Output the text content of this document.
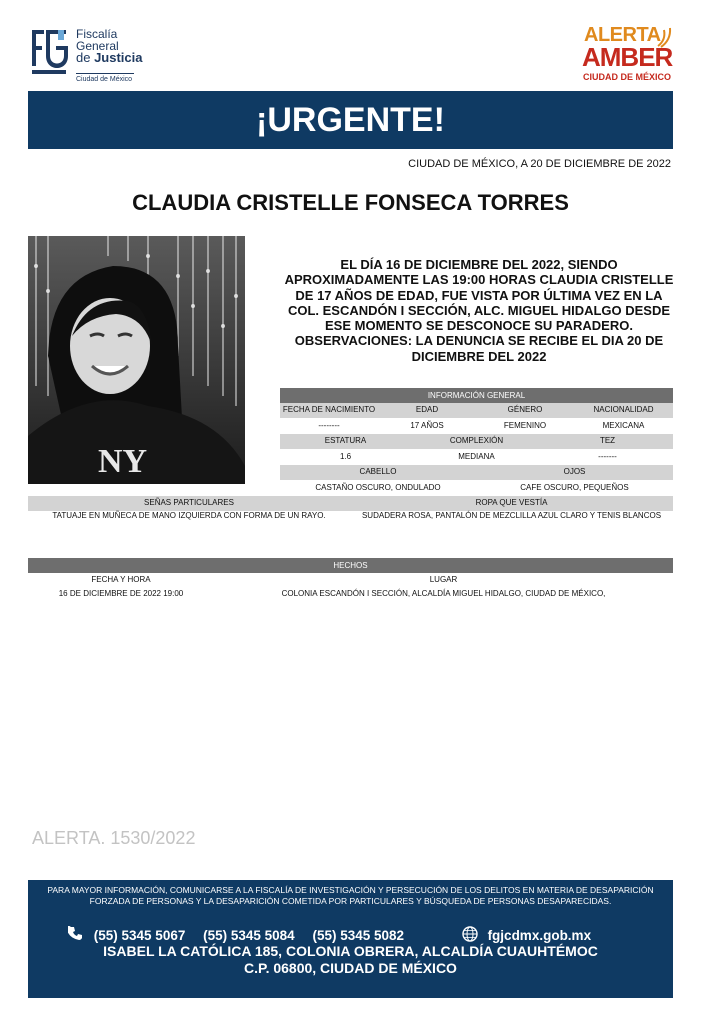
Fiscalía
General
de Justicia
Ciudad de México
ALERTA
AMBER
CIUDAD DE MÉXICO
¡URGENTE!
CIUDAD DE MÉXICO, A 20 DE DICIEMBRE DE 2022
CLAUDIA CRISTELLE FONSECA TORRES
NY
EL DÍA 16 DE DICIEMBRE DEL 2022, SIENDO APROXIMADAMENTE LAS 19:00 HORAS CLAUDIA CRISTELLE DE 17 AÑOS DE EDAD, FUE VISTA POR ÚLTIMA VEZ EN LA COL. ESCANDÓN I SECCIÓN, ALC. MIGUEL HIDALGO DESDE ESE MOMENTO SE DESCONOCE SU PARADERO. OBSERVACIONES: LA DENUNCIA SE RECIBE EL DIA 20 DE DICIEMBRE DEL 2022
INFORMACIÓN GENERAL
FECHA DE NACIMIENTO	EDAD	GÉNERO	NACIONALIDAD
--------	17 AÑOS	FEMENINO	MEXICANA
ESTATURA	COMPLEXIÓN	TEZ
1.6	MEDIANA	-------
CABELLO	OJOS
CASTAÑO OSCURO, ONDULADO	CAFE OSCURO, PEQUEÑOS
SEÑAS PARTICULARES	ROPA QUE VESTÍA
TATUAJE EN MUÑECA DE MANO IZQUIERDA CON FORMA DE UN RAYO.	SUDADERA ROSA, PANTALÓN DE MEZCLILLA AZUL CLARO Y TENIS BLANCOS
HECHOS
FECHA Y HORA	LUGAR
16 DE DICIEMBRE DE 2022 19:00	COLONIA ESCANDÓN I SECCIÓN, ALCALDÍA MIGUEL HIDALGO, CIUDAD DE MÉXICO,
ALERTA. 1530/2022
PARA MAYOR INFORMACIÓN, COMUNICARSE A LA FISCALÍA DE INVESTIGACIÓN Y PERSECUCIÓN DE LOS DELITOS EN MATERIA DE DESAPARICIÓN FORZADA DE PERSONAS Y LA DESAPARICIÓN COMETIDA POR PARTICULARES Y BÚSQUEDA DE PERSONAS DESAPARECIDAS.
(55) 5345 5067 (55) 5345 5084 (55) 5345 5082	fgjcdmx.gob.mx
ISABEL LA CATÓLICA 185, COLONIA OBRERA, ALCALDÍA CUAUHTÉMOC
C.P. 06800, CIUDAD DE MÉXICO
